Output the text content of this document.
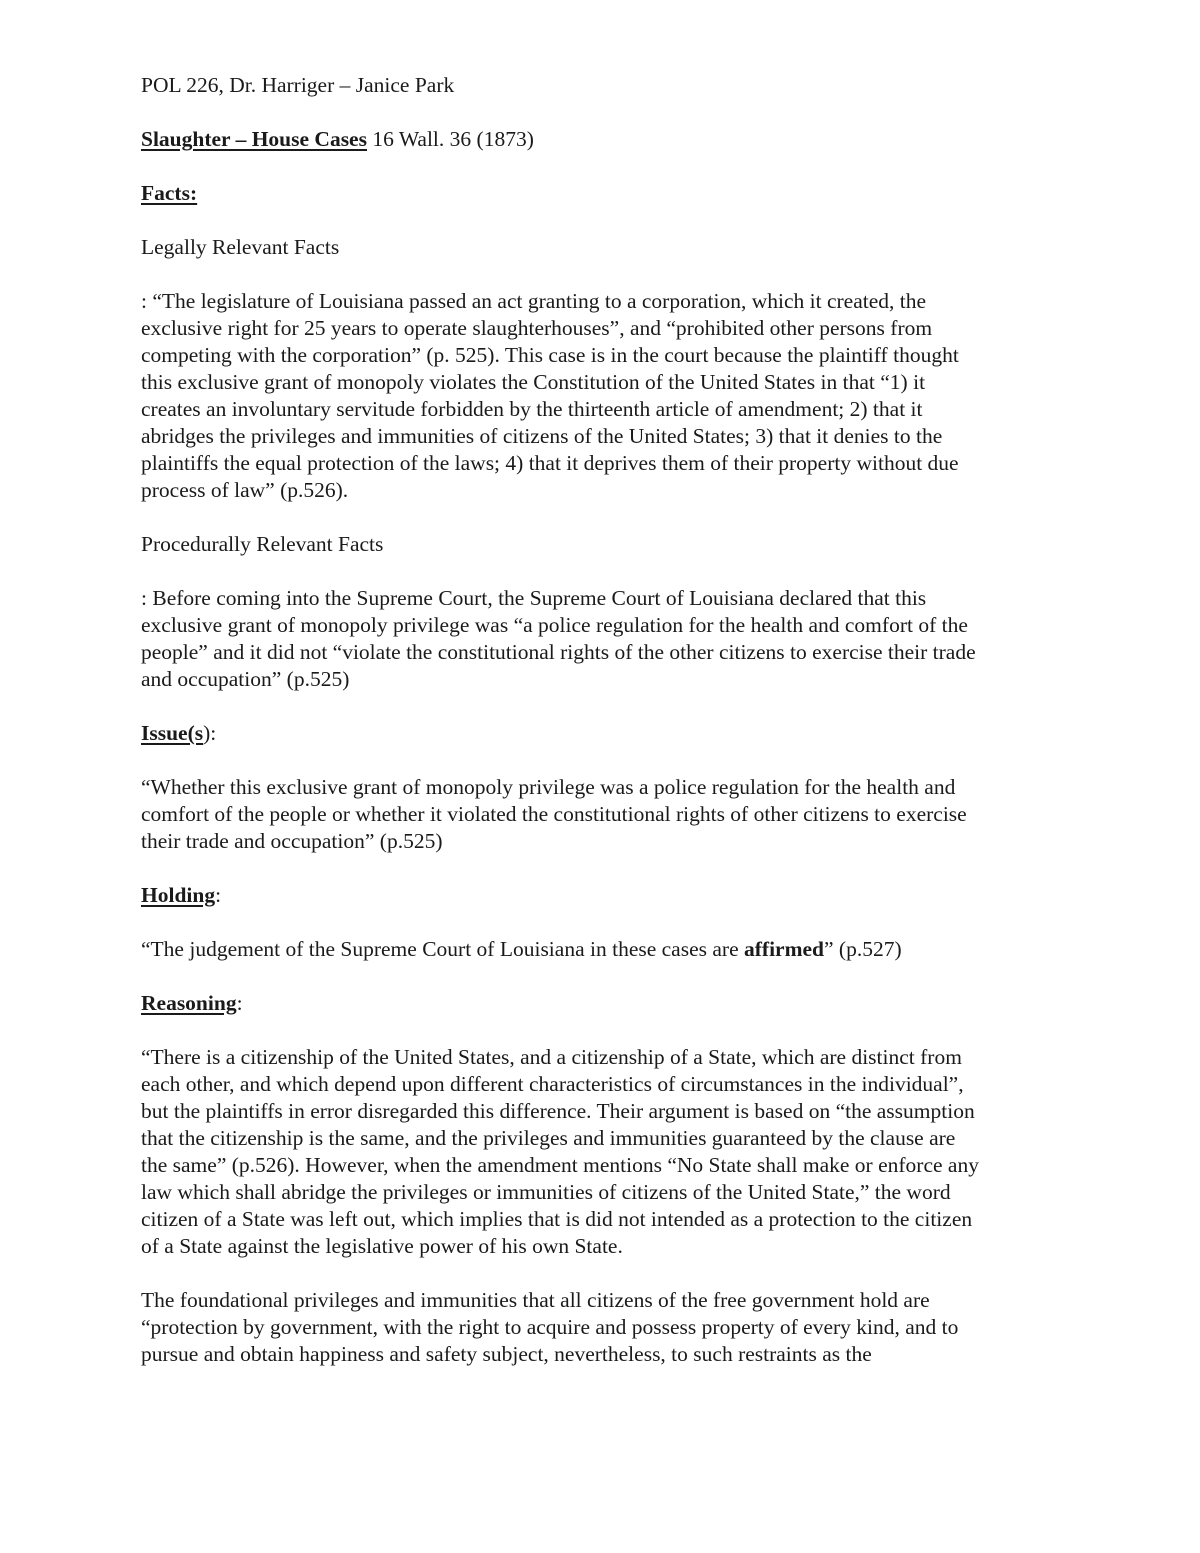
POL 226, Dr. Harriger – Janice Park

Slaughter – House Cases 16 Wall. 36 (1873)

Facts:

Legally Relevant Facts

: “The legislature of Louisiana passed an act granting to a corporation, which it created, the
exclusive right for 25 years to operate slaughterhouses”, and “prohibited other persons from
competing with the corporation” (p. 525). This case is in the court because the plaintiff thought
this exclusive grant of monopoly violates the Constitution of the United States in that “1) it
creates an involuntary servitude forbidden by the thirteenth article of amendment; 2) that it
abridges the privileges and immunities of citizens of the United States; 3) that it denies to the
plaintiffs the equal protection of the laws; 4) that it deprives them of their property without due
process of law” (p.526).

Procedurally Relevant Facts

: Before coming into the Supreme Court, the Supreme Court of Louisiana declared that this
exclusive grant of monopoly privilege was “a police regulation for the health and comfort of the
people” and it did not “violate the constitutional rights of the other citizens to exercise their trade
and occupation” (p.525)

Issue(s):

“Whether this exclusive grant of monopoly privilege was a police regulation for the health and
comfort of the people or whether it violated the constitutional rights of other citizens to exercise
their trade and occupation” (p.525)

Holding:

“The judgement of the Supreme Court of Louisiana in these cases are affirmed” (p.527)

Reasoning:

“There is a citizenship of the United States, and a citizenship of a State, which are distinct from
each other, and which depend upon different characteristics of circumstances in the individual”,
but the plaintiffs in error disregarded this difference. Their argument is based on “the assumption
that the citizenship is the same, and the privileges and immunities guaranteed by the clause are
the same” (p.526). However, when the amendment mentions “No State shall make or enforce any
law which shall abridge the privileges or immunities of citizens of the United State,” the word
citizen of a State was left out, which implies that is did not intended as a protection to the citizen
of a State against the legislative power of his own State.
The foundational privileges and immunities that all citizens of the free government hold are
“protection by government, with the right to acquire and possess property of every kind, and to
pursue and obtain happiness and safety subject, nevertheless, to such restraints as the
